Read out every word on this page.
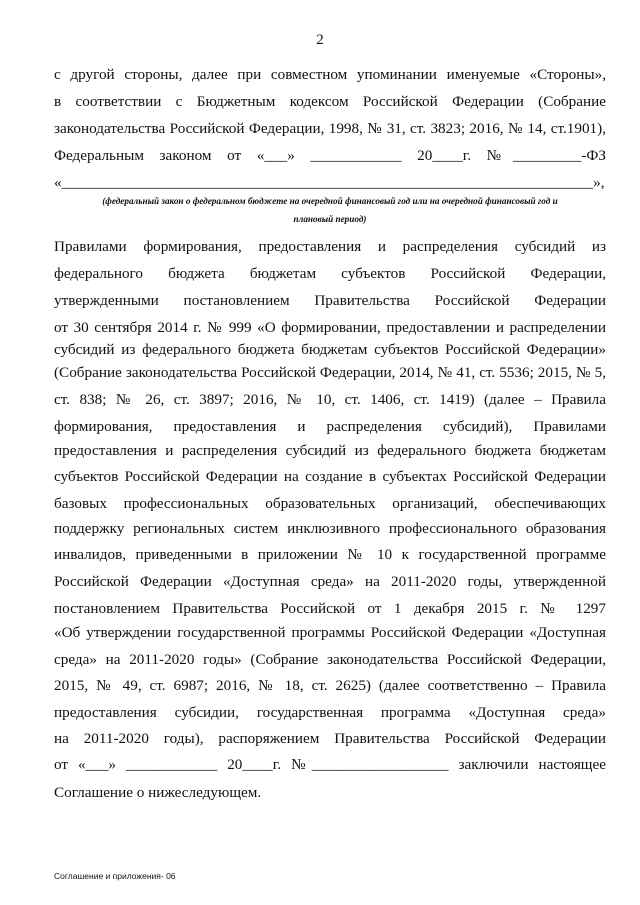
2
с другой стороны, далее при совместном упоминании именуемые «Стороны»,
в соответствии с Бюджетным кодексом Российской Федерации (Собрание
законодательства Российской Федерации, 1998, № 31, ст. 3823; 2016, № 14, ст.1901),
Федеральным законом от «___» ____________ 20____г. №_________-ФЗ
«______________________________________________________________________»,
(федеральный закон о федеральном бюджете на очередной финансовый год или на очередной финансовый год и
плановый период)
Правилами формирования, предоставления и распределения субсидий из
федерального бюджета бюджетам субъектов Российской Федерации,
утвержденными постановлением Правительства Российской Федерации
от 30 сентября 2014 г. № 999 «О формировании, предоставлении и распределении
субсидий из федерального бюджета бюджетам субъектов Российской Федерации»
(Собрание законодательства Российской Федерации, 2014, № 41, ст. 5536; 2015, № 5,
ст. 838; № 26, ст. 3897; 2016, № 10, ст. 1406, ст. 1419) (далее – Правила
формирования, предоставления и распределения субсидий), Правилами
предоставления и распределения субсидий из федерального бюджета бюджетам
субъектов Российской Федерации на создание в субъектах Российской Федерации
базовых профессиональных образовательных организаций, обеспечивающих
поддержку региональных систем инклюзивного профессионального образования
инвалидов, приведенными в приложении № 10 к государственной программе
Российской Федерации «Доступная среда» на 2011-2020 годы, утвержденной
постановлением Правительства Российской от 1 декабря 2015 г. № 1297
«Об утверждении государственной программы Российской Федерации «Доступная
среда» на 2011-2020 годы» (Собрание законодательства Российской Федерации,
2015, № 49, ст. 6987; 2016, № 18, ст. 2625) (далее соответственно – Правила
предоставления субсидии, государственная программа «Доступная среда»
на 2011-2020 годы), распоряжением Правительства Российской Федерации
от «___» ____________ 20____г. №__________________ заключили настоящее
Соглашение о нижеследующем.
Соглашение и приложения- 06
